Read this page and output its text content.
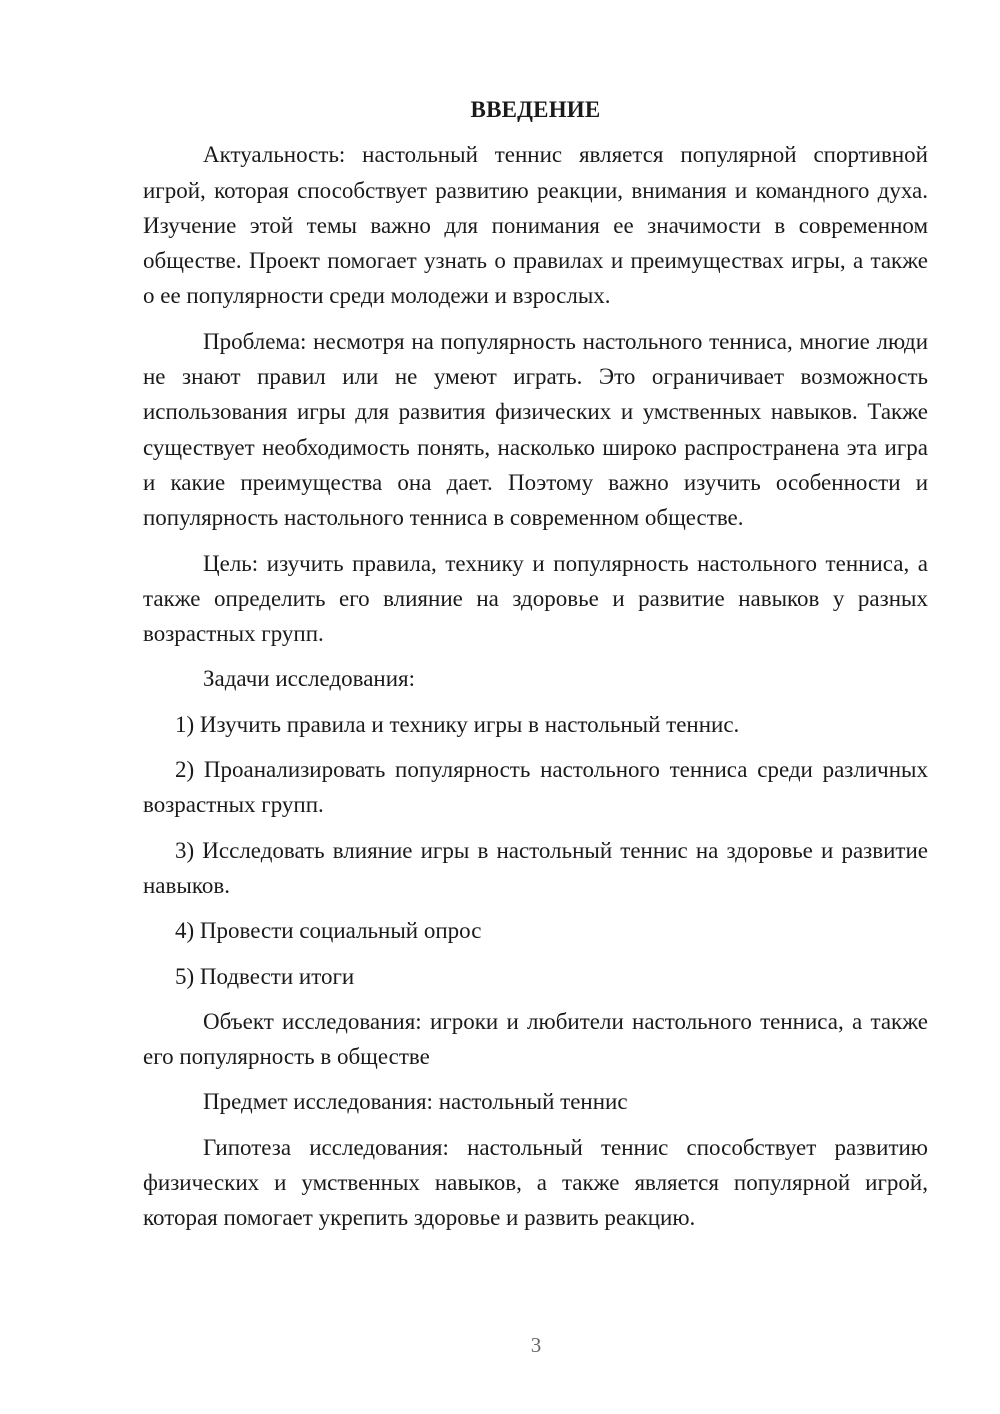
ВВЕДЕНИЕ

Актуальность: настольный теннис является популярной спортивной игрой, которая способствует развитию реакции, внимания и командного духа. Изучение этой темы важно для понимания ее значимости в современном обществе. Проект помогает узнать о правилах и преимуществах игры, а также о ее популярности среди молодежи и взрослых.

Проблема: несмотря на популярность настольного тенниса, многие люди не знают правил или не умеют играть. Это ограничивает возможность использования игры для развития физических и умственных навыков. Также существует необходимость понять, насколько широко распространена эта игра и какие преимущества она дает. Поэтому важно изучить особенности и популярность настольного тенниса в современном обществе.

Цель: изучить правила, технику и популярность настольного тенниса, а также определить его влияние на здоровье и развитие навыков у разных возрастных групп.

Задачи исследования:

1) Изучить правила и технику игры в настольный теннис.

2) Проанализировать популярность настольного тенниса среди различных возрастных групп.

3) Исследовать влияние игры в настольный теннис на здоровье и развитие навыков.

4) Провести социальный опрос

5) Подвести итоги

Объект исследования: игроки и любители настольного тенниса, а также его популярность в обществе

Предмет исследования: настольный теннис

Гипотеза исследования: настольный теннис способствует развитию физических и умственных навыков, а также является популярной игрой, которая помогает укрепить здоровье и развить реакцию.

3
